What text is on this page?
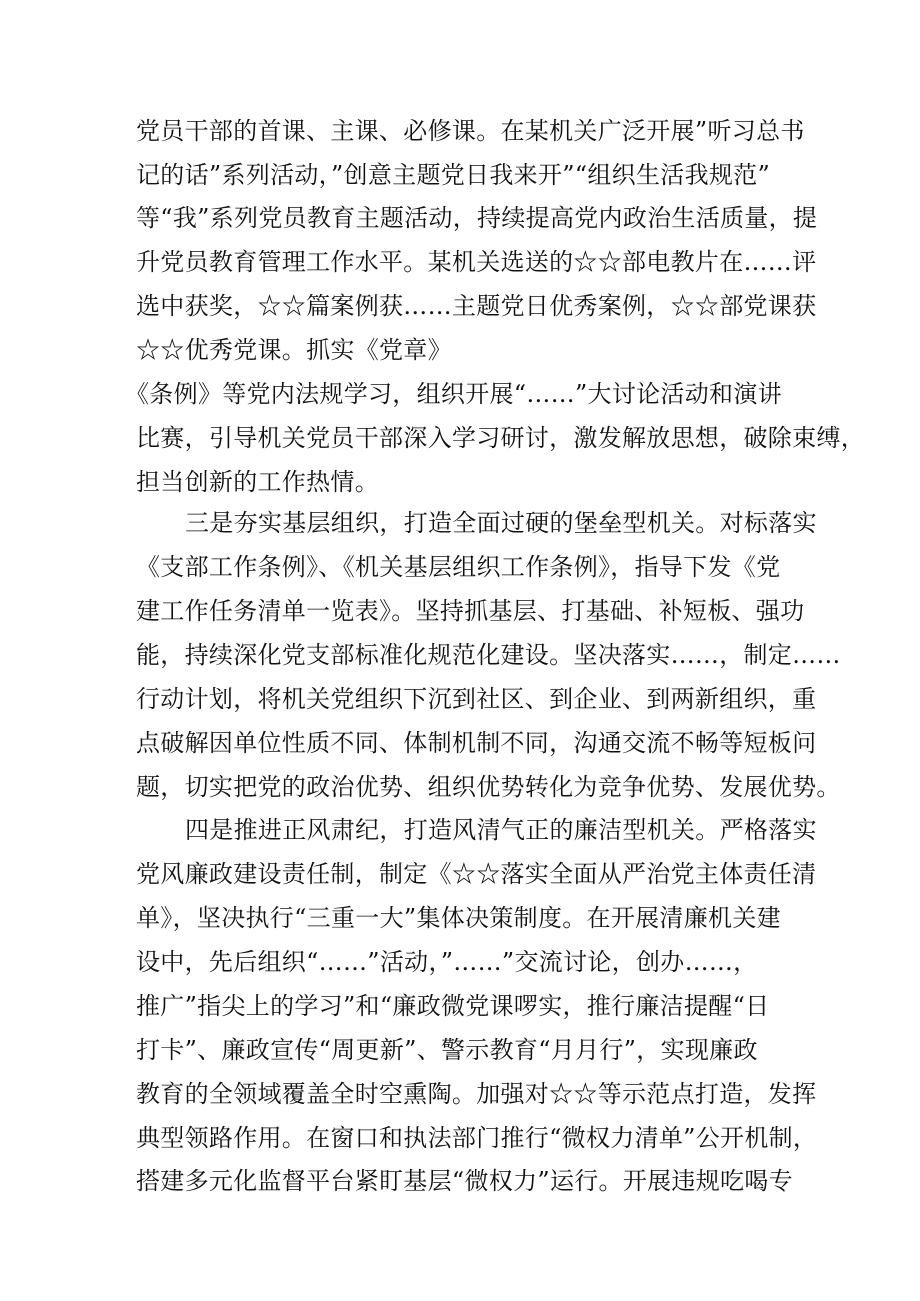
党员干部的首课、主课、必修课。在某机关广泛开展”听习总书
记的话”系列活动，”创意主题党日我来开”“组织生活我规范”
等“我”系列党员教育主题活动，持续提高党内政治生活质量，提
升党员教育管理工作水平。某机关选送的☆☆部电教片在……评
选中获奖，☆☆篇案例获……主题党日优秀案例，☆☆部党课获
☆☆优秀党课。抓实《党章》
《条例》等党内法规学习，组织开展“……”大讨论活动和演讲
比赛，引导机关党员干部深入学习研讨，激发解放思想，破除束缚，
担当创新的工作热情。
三是夯实基层组织，打造全面过硬的堡垒型机关。对标落实
《支部工作条例》、《机关基层组织工作条例》，指导下发《党
建工作任务清单一览表》。坚持抓基层、打基础、补短板、强功
能，持续深化党支部标准化规范化建设。坚决落实……，制定……
行动计划，将机关党组织下沉到社区、到企业、到两新组织，重
点破解因单位性质不同、体制机制不同，沟通交流不畅等短板问
题，切实把党的政治优势、组织优势转化为竞争优势、发展优势。
四是推进正风肃纪，打造风清气正的廉洁型机关。严格落实
党风廉政建设责任制，制定《☆☆落实全面从严治党主体责任清
单》，坚决执行“三重一大”集体决策制度。在开展清廉机关建
设中，先后组织“……”活动，”……”交流讨论，创办……，
推广”指尖上的学习”和“廉政微党课啰实，推行廉洁提醒“日
打卡”、廉政宣传“周更新”、警示教育“月月行”，实现廉政
教育的全领域覆盖全时空熏陶。加强对☆☆等示范点打造，发挥
典型领路作用。在窗口和执法部门推行“微权力清单”公开机制，
搭建多元化监督平台紧盯基层“微权力”运行。开展违规吃喝专
